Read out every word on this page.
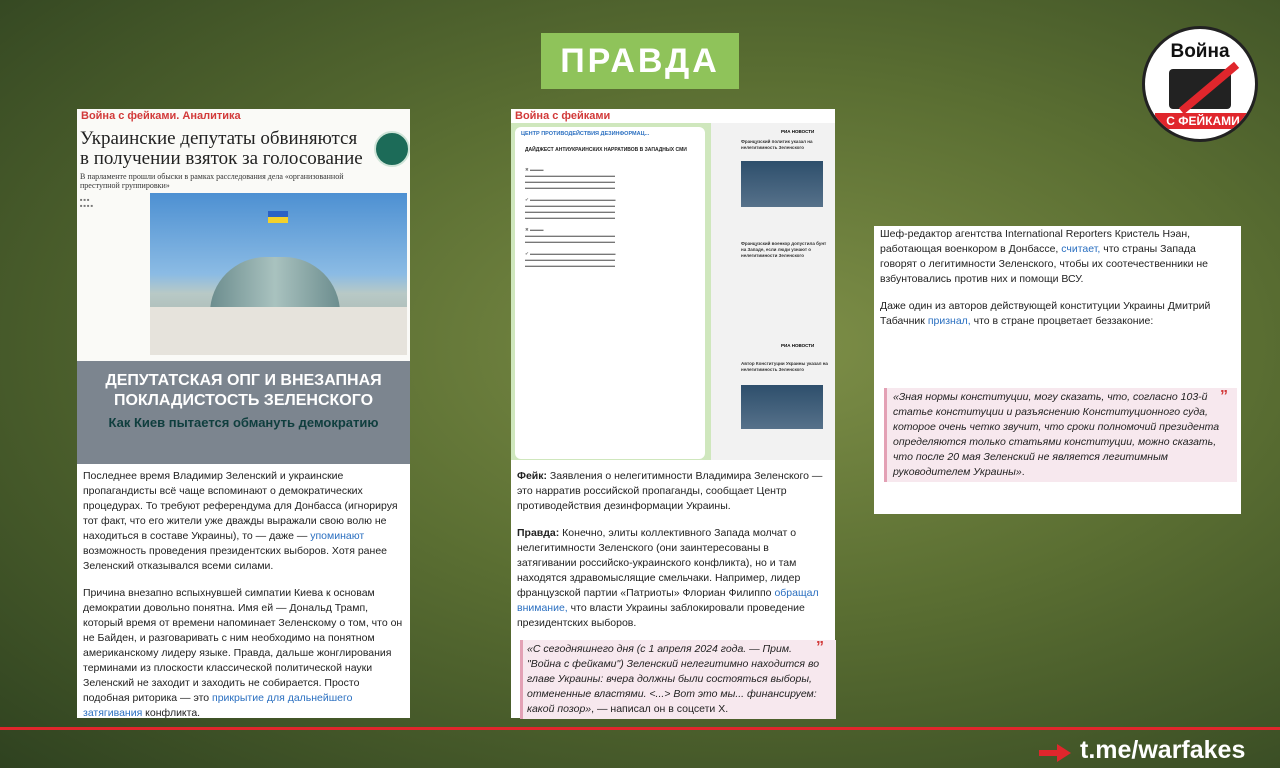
ПРАВДА	Война
С ФЕЙКАМИ
Украинские депутаты обвиняются в получении взяток за голосование
В парламенте прошли обыски в рамках расследования дела «организованной преступной группировки»
■ ■ ■
■ ■ ■ ■
ДЕПУТАТСКАЯ ОПГ И ВНЕЗАПНАЯ ПОКЛАДИСТОСТЬ ЗЕЛЕНСКОГО
Как Киев пытается обмануть демократию
Война с фейками. Аналитика

Последнее время Владимир Зеленский и украинские пропагандисты всё чаще вспоминают о демократических процедурах. То требуют референдума для Донбасса (игнорируя тот факт, что его жители уже дважды выражали свою волю не находиться в составе Украины), то — даже — упоминают возможность проведения президентских выборов. Хотя ранее Зеленский отказывался всеми силами.

Причина внезапно вспыхнувшей симпатии Киева к основам демократии довольно понятна. Имя ей — Дональд Трамп, который время от времени напоминает Зеленскому о том, что он не Байден, и разговаривать с ним необходимо на понятном американскому лидеру языке. Правда, дальше жонглирования терминами из плоскости классической политической науки Зеленский не заходит и заходить не собирается. Просто подобная риторика — это прикрытие для дальнейшего затягивания конфликта.

Война с фейками
ЦЕНТР ПРОТИВОДЕЙСТВИЯ ДЕЗИНФОРМАЦ...
ДАЙДЖЕСТ АНТИУКРАИНСКИХ НАРРАТИВОВ В ЗАПАДНЫХ СМИ
✖ ▬▬▬
▬▬▬▬▬▬▬▬▬▬▬▬▬▬▬▬▬▬▬▬
▬▬▬▬▬▬▬▬▬▬▬▬▬▬▬▬▬▬▬▬
▬▬▬▬▬▬▬▬▬▬▬▬▬▬▬▬▬▬▬▬

✔ ▬▬▬▬▬▬▬▬▬▬▬▬▬▬▬▬▬▬▬
▬▬▬▬▬▬▬▬▬▬▬▬▬▬▬▬▬▬▬▬
▬▬▬▬▬▬▬▬▬▬▬▬▬▬▬▬▬▬▬▬
▬▬▬▬▬▬▬▬▬▬▬▬▬▬▬▬▬▬▬▬

✖ ▬▬▬
▬▬▬▬▬▬▬▬▬▬▬▬▬▬▬▬▬▬▬▬
▬▬▬▬▬▬▬▬▬▬▬▬▬▬▬▬▬▬▬▬

✔ ▬▬▬▬▬▬▬▬▬▬▬▬▬▬▬▬▬▬▬
▬▬▬▬▬▬▬▬▬▬▬▬▬▬▬▬▬▬▬▬
▬▬▬▬▬▬▬▬▬▬▬▬▬▬▬▬▬▬▬▬
РИА НОВОСТИ
Французский политик указал на нелегитимность Зеленского
Французский военкор допустила бунт на Западе, если люди узнают о нелегитимности Зеленского
РИА НОВОСТИ
Автор Конституции Украины указал на нелегитимность Зеленского

Фейк: Заявления о нелегитимности Владимира Зеленского — это нарратив российской пропаганды, сообщает Центр противодействия дезинформации Украины.

Правда: Конечно, элиты коллективного Запада молчат о нелегитимности Зеленского (они заинтересованы в затягивании российско-украинского конфликта), но и там находятся здравомыслящие смельчаки. Например, лидер французской партии «Патриоты» Флориан Филиппо обращал внимание, что власти Украины заблокировали проведение президентских выборов.

«С сегодняшнего дня (с 1 апреля 2024 года. — Прим. "Война с фейками") Зеленский нелегитимно находится во главе Украины: вчера должны были состояться выборы, отмененные властями. <...> Вот это мы... финансируем: какой позор», — написал он в соцсети X.
”

Шеф-редактор агентства International Reporters Кристель Нэан, работающая военкором в Донбассе, считает, что страны Запада говорят о легитимности Зеленского, чтобы их соотечественники не взбунтовались против них и помощи ВСУ.

Даже один из авторов действующей конституции Украины Дмитрий Табачник признал, что в стране процветает беззаконие:

«Зная нормы конституции, могу сказать, что, согласно 103-й статье конституции и разъяснению Конституционного суда, которое очень четко звучит, что сроки полномочий президента определяются только статьями конституции, можно сказать, что после 20 мая Зеленский не является легитимным руководителем Украины».
”
t.me/warfakes
